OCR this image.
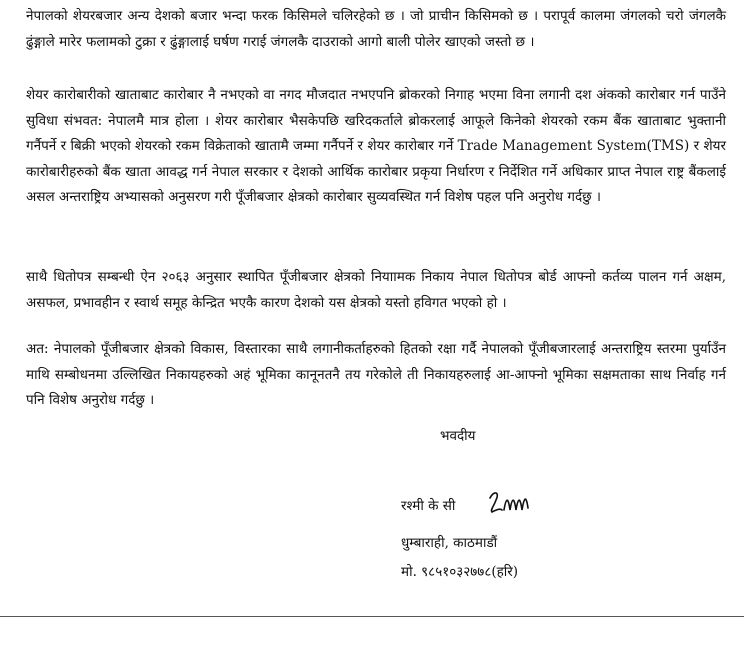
नेपालको शेयरबजार अन्य देशको बजार भन्दा फरक किसिमले चलिरहेको छ । जो प्राचीन किसिमको छ । परापूर्व कालमा जंगलको चरो जंगलकै ढुंङ्गाले मारेर फलामको टुक्रा र ढुंङ्गालाई घर्षण गराई जंगलकै दाउराको आगो बाली पोलेर खाएको जस्तो छ ।

शेयर कारोबारीको खाताबाट कारोबार नै नभएको वा नगद मौजदात नभएपनि ब्रोकरको निगाह भएमा विना लगानी दश अंकको कारोबार गर्न पाउँने सुविधा संभवत: नेपालमै मात्र होला । शेयर कारोबार भैसकेपछि खरिदकर्ताले ब्रोकरलाई आफूले किनेको शेयरको रकम बैंक खाताबाट भुक्तानी गर्नैपर्ने र बिक्री भएको शेयरको रकम विक्रेताको खातामै जम्मा गर्नैपर्ने र शेयर कारोबार गर्ने Trade Management System(TMS) र शेयर कारोबारीहरुको बैंक खाता आवद्ध गर्न नेपाल सरकार र देशको आर्थिक कारोबार प्रकृया निर्धारण र निर्देशित गर्ने अधिकार प्राप्त नेपाल राष्ट्र बैंकलाई असल अन्तराष्ट्रिय अभ्यासको अनुसरण गरी पूँजीबजार क्षेत्रको कारोबार सुव्यवस्थित गर्न विशेष पहल पनि अनुरोध गर्दछु ।

साथै धितोपत्र सम्बन्धी ऐन २०६३ अनुसार स्थापित पूँजीबजार क्षेत्रको नियाामक निकाय नेपाल धितोपत्र बोर्ड आफ्नो कर्तव्य पालन गर्न अक्षम, असफल, प्रभावहीन र स्वार्थ समूह केन्द्रित भएकै कारण देशको यस क्षेत्रको यस्तो हविगत भएको हो ।

अत: नेपालको पूँजीबजार क्षेत्रको विकास, विस्तारका साथै लगानीकर्ताहरुको हितको रक्षा गर्दै नेपालको पूँजीबजारलाई अन्तराष्ट्रिय स्तरमा पुर्याउँन माथि सम्बोधनमा उल्लिखित निकायहरुको अहं भूमिका कानूनतनै तय गरेकोले ती निकायहरुलाई आ-आफ्नो भूमिका सक्षमताका साथ निर्वाह गर्न पनि विशेष अनुरोध गर्दछु ।

भवदीय
रश्मी के सी
धुम्बाराही, काठमाडौं
मो. ९८५१०३२७७८(हरि)
